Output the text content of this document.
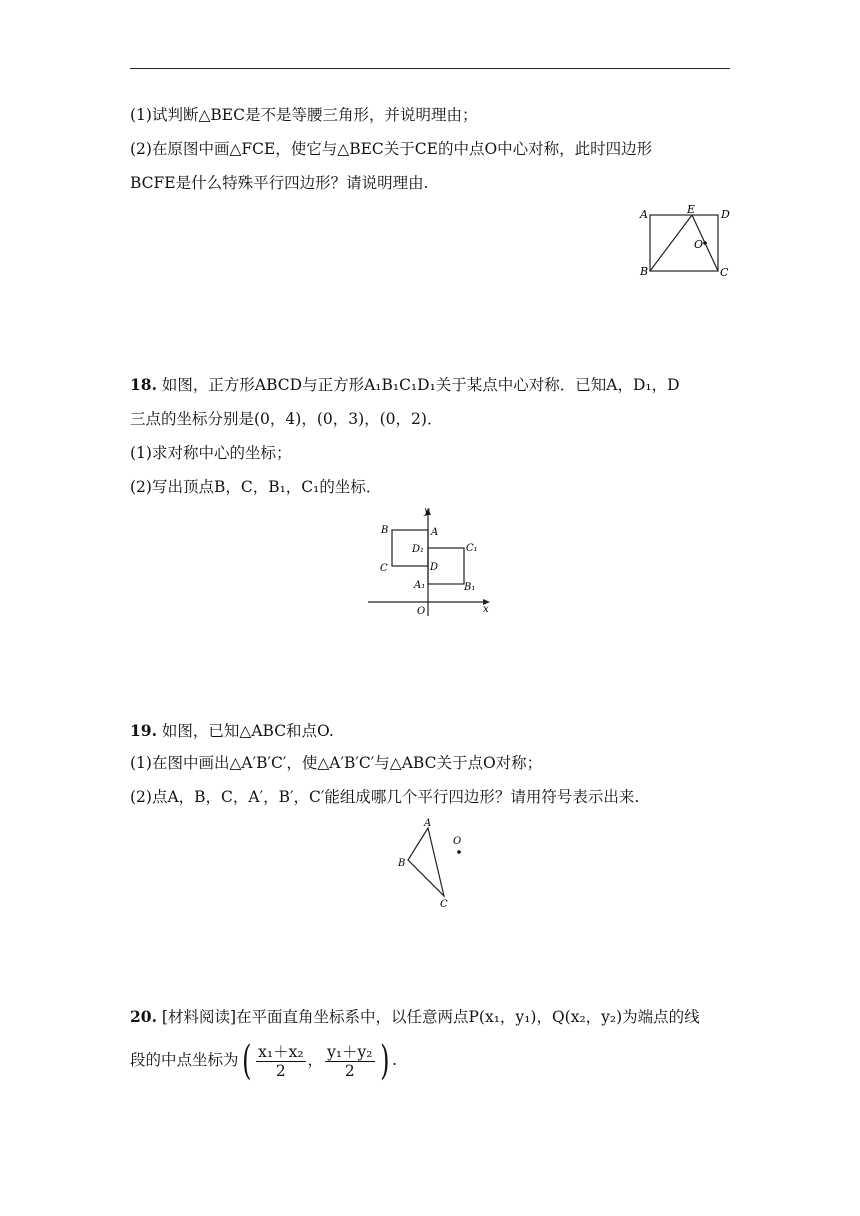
(1)试判断△BEC是不是等腰三角形，并说明理由；
(2)在原图中画△FCE，使它与△BEC关于CE的中点O中心对称，此时四边形
BCFE是什么特殊平行四边形？请说明理由.
A	E D
O
B	C
18. 如图，正方形ABCD与正方形A₁B₁C₁D₁关于某点中心对称．已知A，D₁，D
三点的坐标分别是(0，4)，(0，3)，(0，2)．
(1)求对称中心的坐标；
(2)写出顶点B，C，B₁，C₁的坐标．
y
x
O
A
B
C	D
D₁	C₁
A₁	B₁
19. 如图，已知△ABC和点O.
(1)在图中画出△A′B′C′，使△A′B′C′与△ABC关于点O对称；
(2)点A，B，C，A′，B′，C′能组成哪几个平行四边形？请用符号表示出来.
A
B
C
O
20. [材料阅读]在平面直角坐标系中，以任意两点P(x₁，y₁)，Q(x₂，y₂)为端点的线
段的中点坐标为( $\frac{\text{x₁＋x₂}}{2}$ ， $\frac{\text{y₁＋y₂}}{2}$ ) .
